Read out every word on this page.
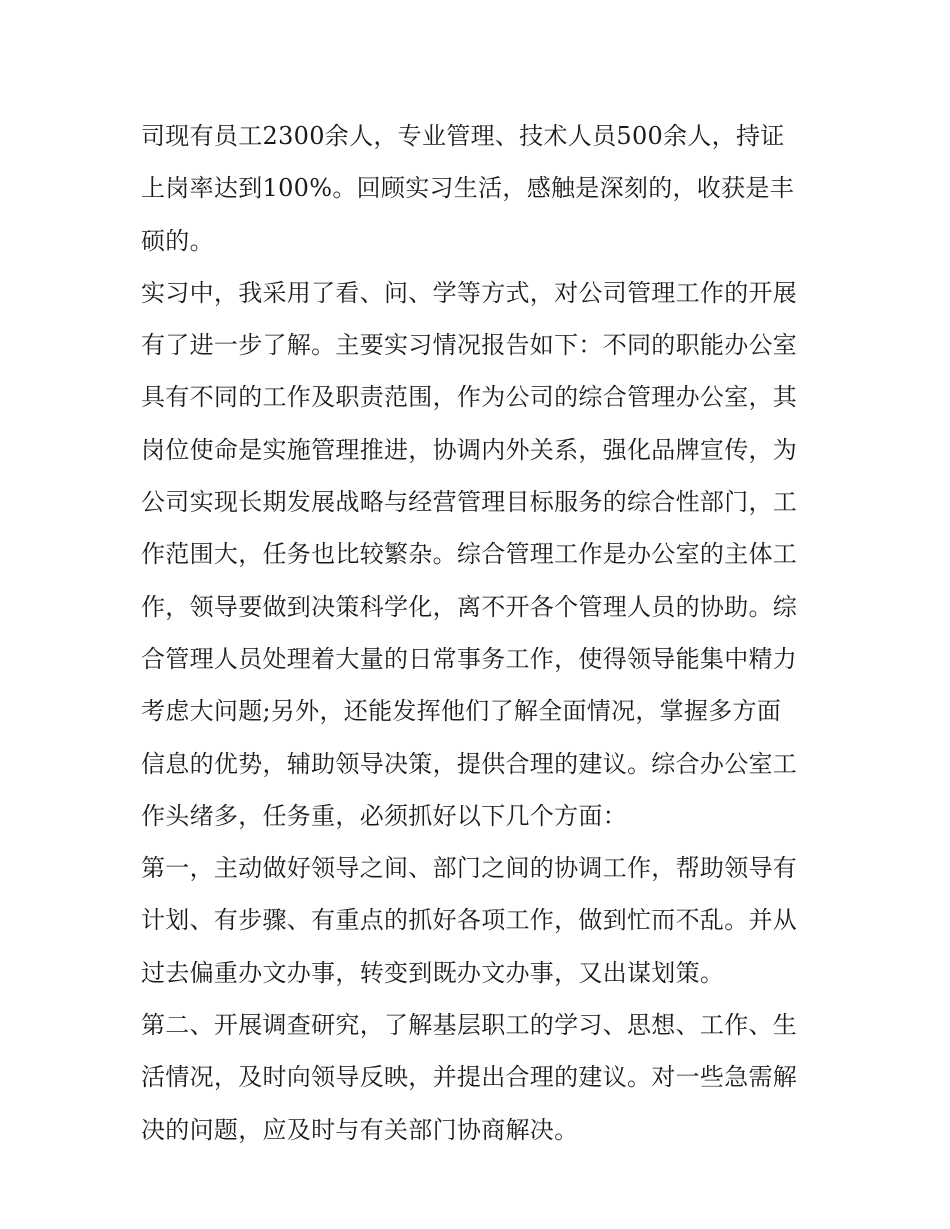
司现有员工2300余人，专业管理、技术人员500余人，持证
上岗率达到100%。回顾实习生活，感触是深刻的，收获是丰
硕的。
实习中，我采用了看、问、学等方式，对公司管理工作的开展
有了进一步了解。主要实习情况报告如下：不同的职能办公室
具有不同的工作及职责范围，作为公司的综合管理办公室，其
岗位使命是实施管理推进，协调内外关系，强化品牌宣传，为
公司实现长期发展战略与经营管理目标服务的综合性部门，工
作范围大，任务也比较繁杂。综合管理工作是办公室的主体工
作，领导要做到决策科学化，离不开各个管理人员的协助。综
合管理人员处理着大量的日常事务工作，使得领导能集中精力
考虑大问题;另外，还能发挥他们了解全面情况，掌握多方面
信息的优势，辅助领导决策，提供合理的建议。综合办公室工
作头绪多，任务重，必须抓好以下几个方面：
第一，主动做好领导之间、部门之间的协调工作，帮助领导有
计划、有步骤、有重点的抓好各项工作，做到忙而不乱。并从
过去偏重办文办事，转变到既办文办事，又出谋划策。
第二、开展调查研究，了解基层职工的学习、思想、工作、生
活情况，及时向领导反映，并提出合理的建议。对一些急需解
决的问题，应及时与有关部门协商解决。
